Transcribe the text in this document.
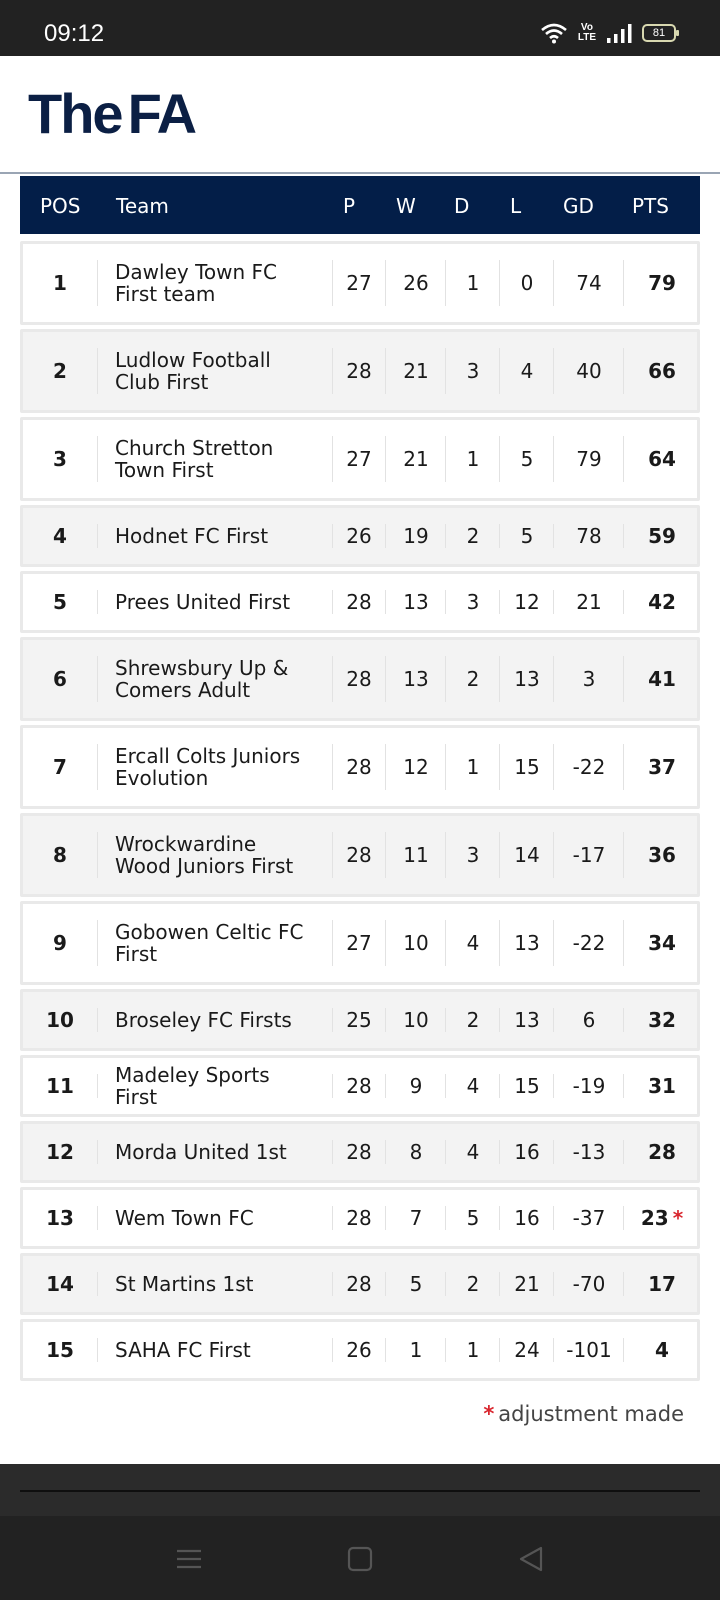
09:12	Vo
LTE	81
The FA
POS Team	P W D L GD PTS
1	Dawley Town FC First team	27 26 1 0 74 79
2	Ludlow Football Club First	28 21 3 4 40 66
3	Church Stretton Town First	27 21 1 5 79 64
4	Hodnet FC First	26 19 2 5 78 59
5	Prees United First	28 13 3 12 21 42
6	Shrewsbury Up & Comers Adult	28 13 2 13 3	41
7	Ercall Colts Juniors Evolution	28 12 1 15 -22 37
8	Wrockwardine Wood Juniors First	28 11 3 14 -17 36
9	Gobowen Celtic FC First	27 10 4 13 -22 34
10	Broseley FC Firsts	25 10 2 13 6	32
11	Madeley Sports First	28 9 4 15 -19 31
12	Morda United 1st	28 8 4 16 -13 28
13	Wem Town FC	28 7 5 16 -37 23 *
14	St Martins 1st	28 5 2 21 -70 17
15	SAHA FC First	26 1 1 24 -101 4
* adjustment made
